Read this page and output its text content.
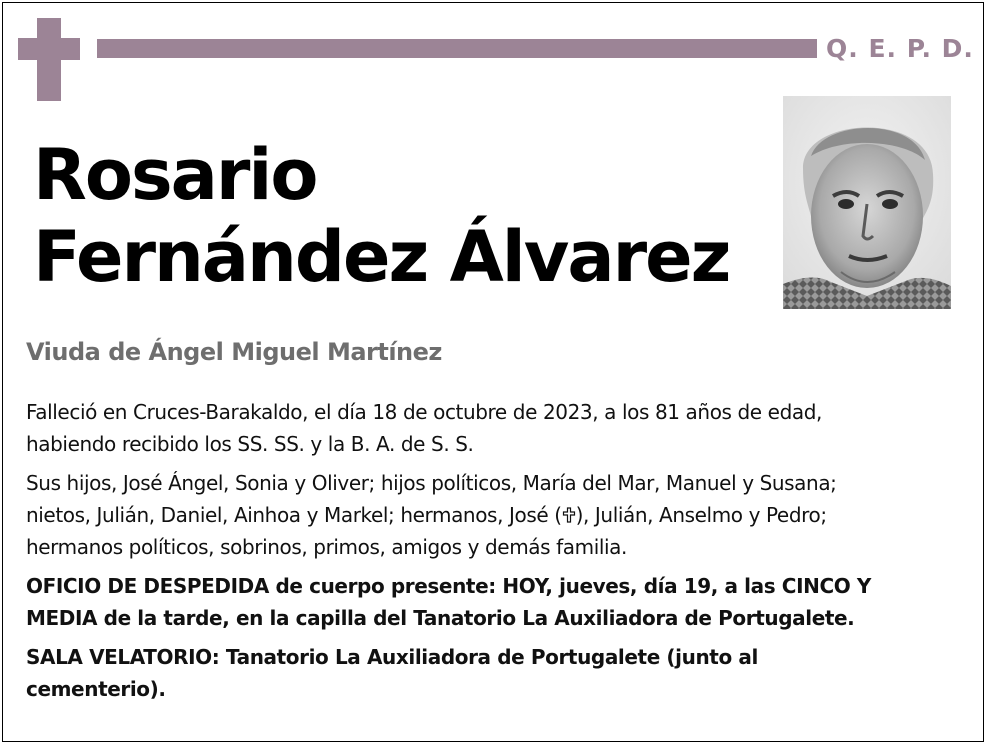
Q. E. P. D.
Rosario
Fernández Álvarez
Viuda de Ángel Miguel Martínez

Falleció en Cruces-Barakaldo, el día 18 de octubre de 2023, a los 81 años de edad,
habiendo recibido los SS. SS. y la B. A. de S. S.

Sus hijos, José Ángel, Sonia y Oliver; hijos políticos, María del Mar, Manuel y Susana;
nietos, Julián, Daniel, Ainhoa y Markel; hermanos, José ( ), Julián, Anselmo y Pedro;
hermanos políticos, sobrinos, primos, amigos y demás familia.

OFICIO DE DESPEDIDA de cuerpo presente: HOY, jueves, día 19, a las CINCO Y
MEDIA de la tarde, en la capilla del Tanatorio La Auxiliadora de Portugalete.

SALA VELATORIO: Tanatorio La Auxiliadora de Portugalete (junto al
cementerio).
